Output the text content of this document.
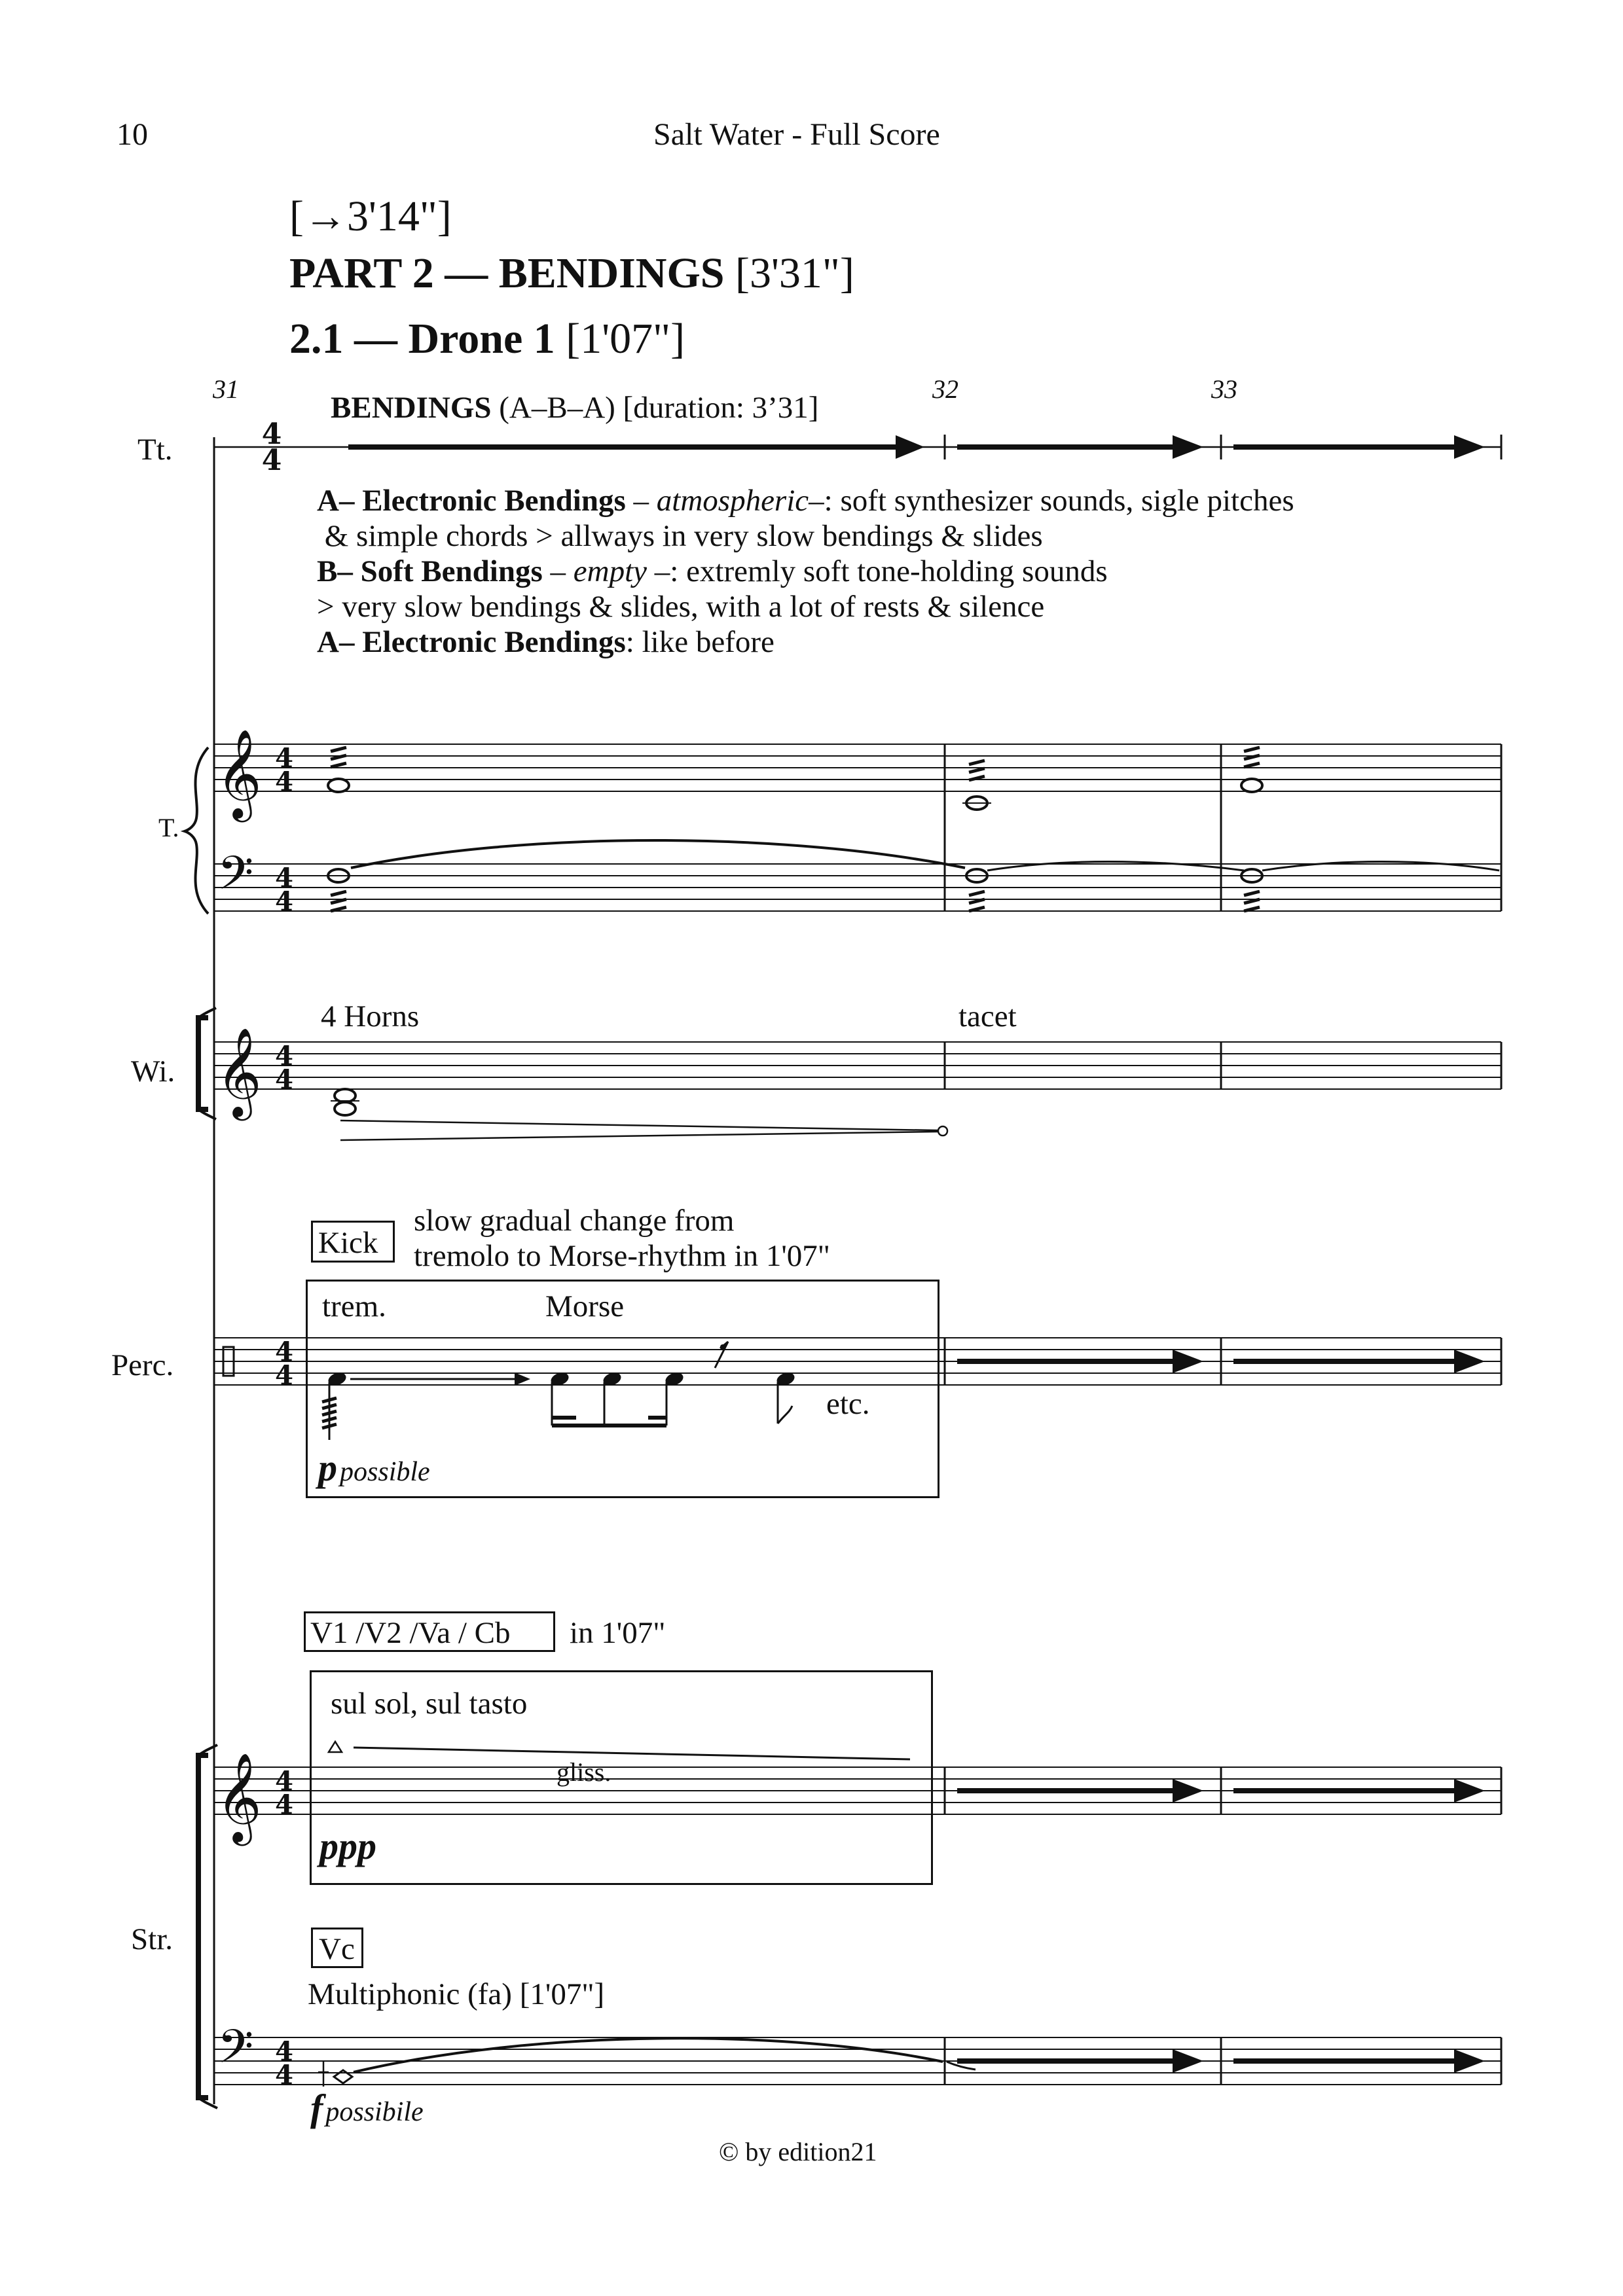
10	Salt Water - Full Score
[→3'14"]
PART 2 — BENDINGS [3'31"]
2.1 — Drone 1 [1'07"]
31	32	33
Tt.
T.
Wi.
Perc.
Str.
BENDINGS (A–B–A) [duration: 3’31]
A– Electronic Bendings – atmospheric–: soft synthesizer sounds, sigle pitches
& simple chords > allways in very slow bendings & slides
B– Soft Bendings – empty –: extremly soft tone-holding sounds
> very slow bendings & slides, with a lot of rests & silence
A– Electronic Bendings: like before
4 Horns	tacet
Kick
slow gradual change from
tremolo to Morse-rhythm in 1'07"
trem.	Morse
etc.
p possible
V1 /V2 /Va / Cb in 1'07"
sul sol, sul tasto
gliss.
ppp
Vc
Multiphonic (fa) [1'07"]
f possibile
© by edition21
4
4
𝄞
𝄢
4
4
4
4
𝄞 4
4
4
4
𝄞 4
4
𝄢 4
4
